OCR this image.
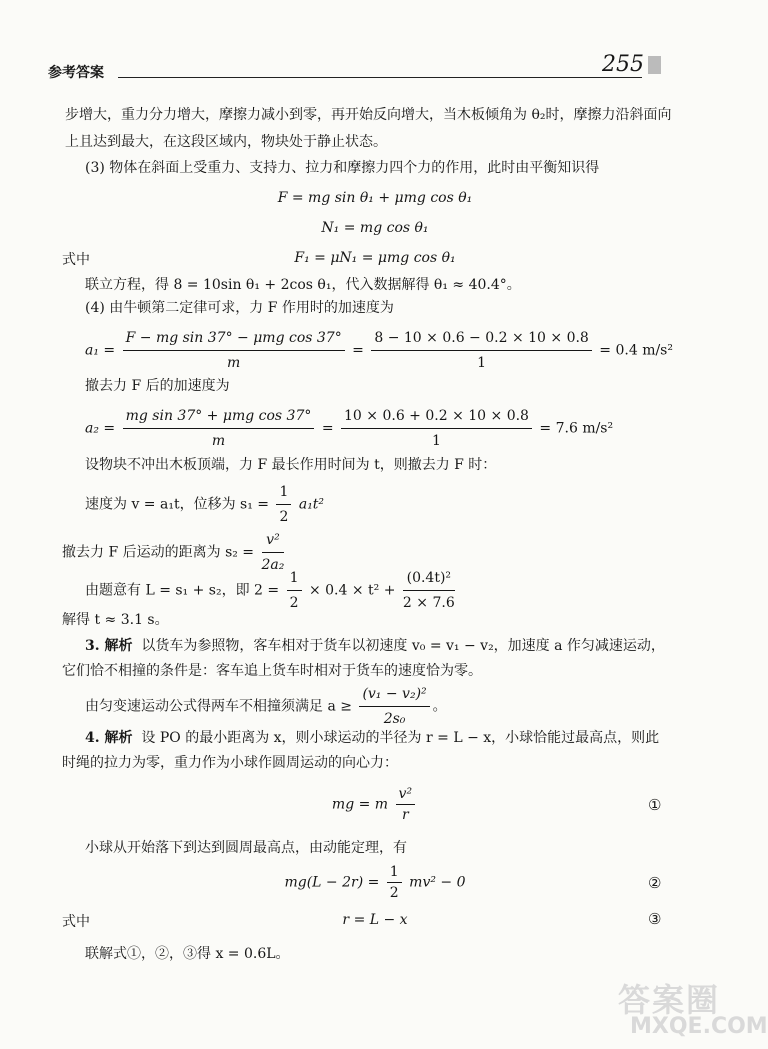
参考答案	255
步增大，重力分力增大，摩擦力减小到零，再开始反向增大，当木板倾角为 θ₂时，摩擦力沿斜面向
上且达到最大，在这段区域内，物块处于静止状态。
(3) 物体在斜面上受重力、支持力、拉力和摩擦力四个力的作用，此时由平衡知识得
F = mg sin θ₁ + μmg cos θ₁
N₁ = mg cos θ₁
式中	F₁ = μN₁ = μmg cos θ₁
联立方程，得 8 = 10sin θ₁ + 2cos θ₁，代入数据解得 θ₁ ≈ 40.4°。
(4) 由牛顿第二定律可求，力 F 作用时的加速度为
$a_1 = \frac{\text{F − mg sin 37° − μmg cos 37°}}{m} = \frac{8 - 10 \times 0.6 - 0.2 \times 10 \times 0.8}{1} = 0.4$ m/s²
撤去力 F 后的加速度为
$a_2 = \frac{\text{mg sin 37° + μmg cos 37°}}{m} = \frac{10 \times 0.6 + 0.2 \times 10 \times 0.8}{1} = 7.6$ m/s²
设物块不冲出木板顶端，力 F 最长作用时间为 t，则撤去力 F 时：
速度为 v = a₁t，位移为 $s_1 = \frac{1}{2} a_1t^2$
撤去力 F 后运动的距离为 $s_2 = \frac{\text{v²}}{\text{2a₂}}$
由题意有 L = s₁ + s₂，即 $2 = \frac{1}{2} \times 0.4 \times t^2 + \frac{\text{(0.4t)²}}{2 \times 7.6}$
解得 t ≈ 3.1 s。
3. 解析 以货车为参照物，客车相对于货车以初速度 v₀ = v₁ − v₂，加速度 a 作匀减速运动，
它们恰不相撞的条件是：客车追上货车时相对于货车的速度恰为零。
由匀变速运动公式得两车不相撞须满足 $a \ge \frac{\text{(v₁ − v₂)²}}{\text{2s₀}}$ 。
4. 解析 设 PO 的最小距离为 x，则小球运动的半径为 r = L − x，小球恰能过最高点，则此
时绳的拉力为零，重力作为小球作圆周运动的向心力：
mg = m $\frac{\text{v²}}{r}$	①
小球从开始落下到达到圆周最高点，由动能定理，有
$mg(L - 2r) = \frac{1}{2} mv^2 - 0$	②
式中	r = L − x	③
联解式①，②，③得 x = 0.6L。
答案圈
MXQE.COM
